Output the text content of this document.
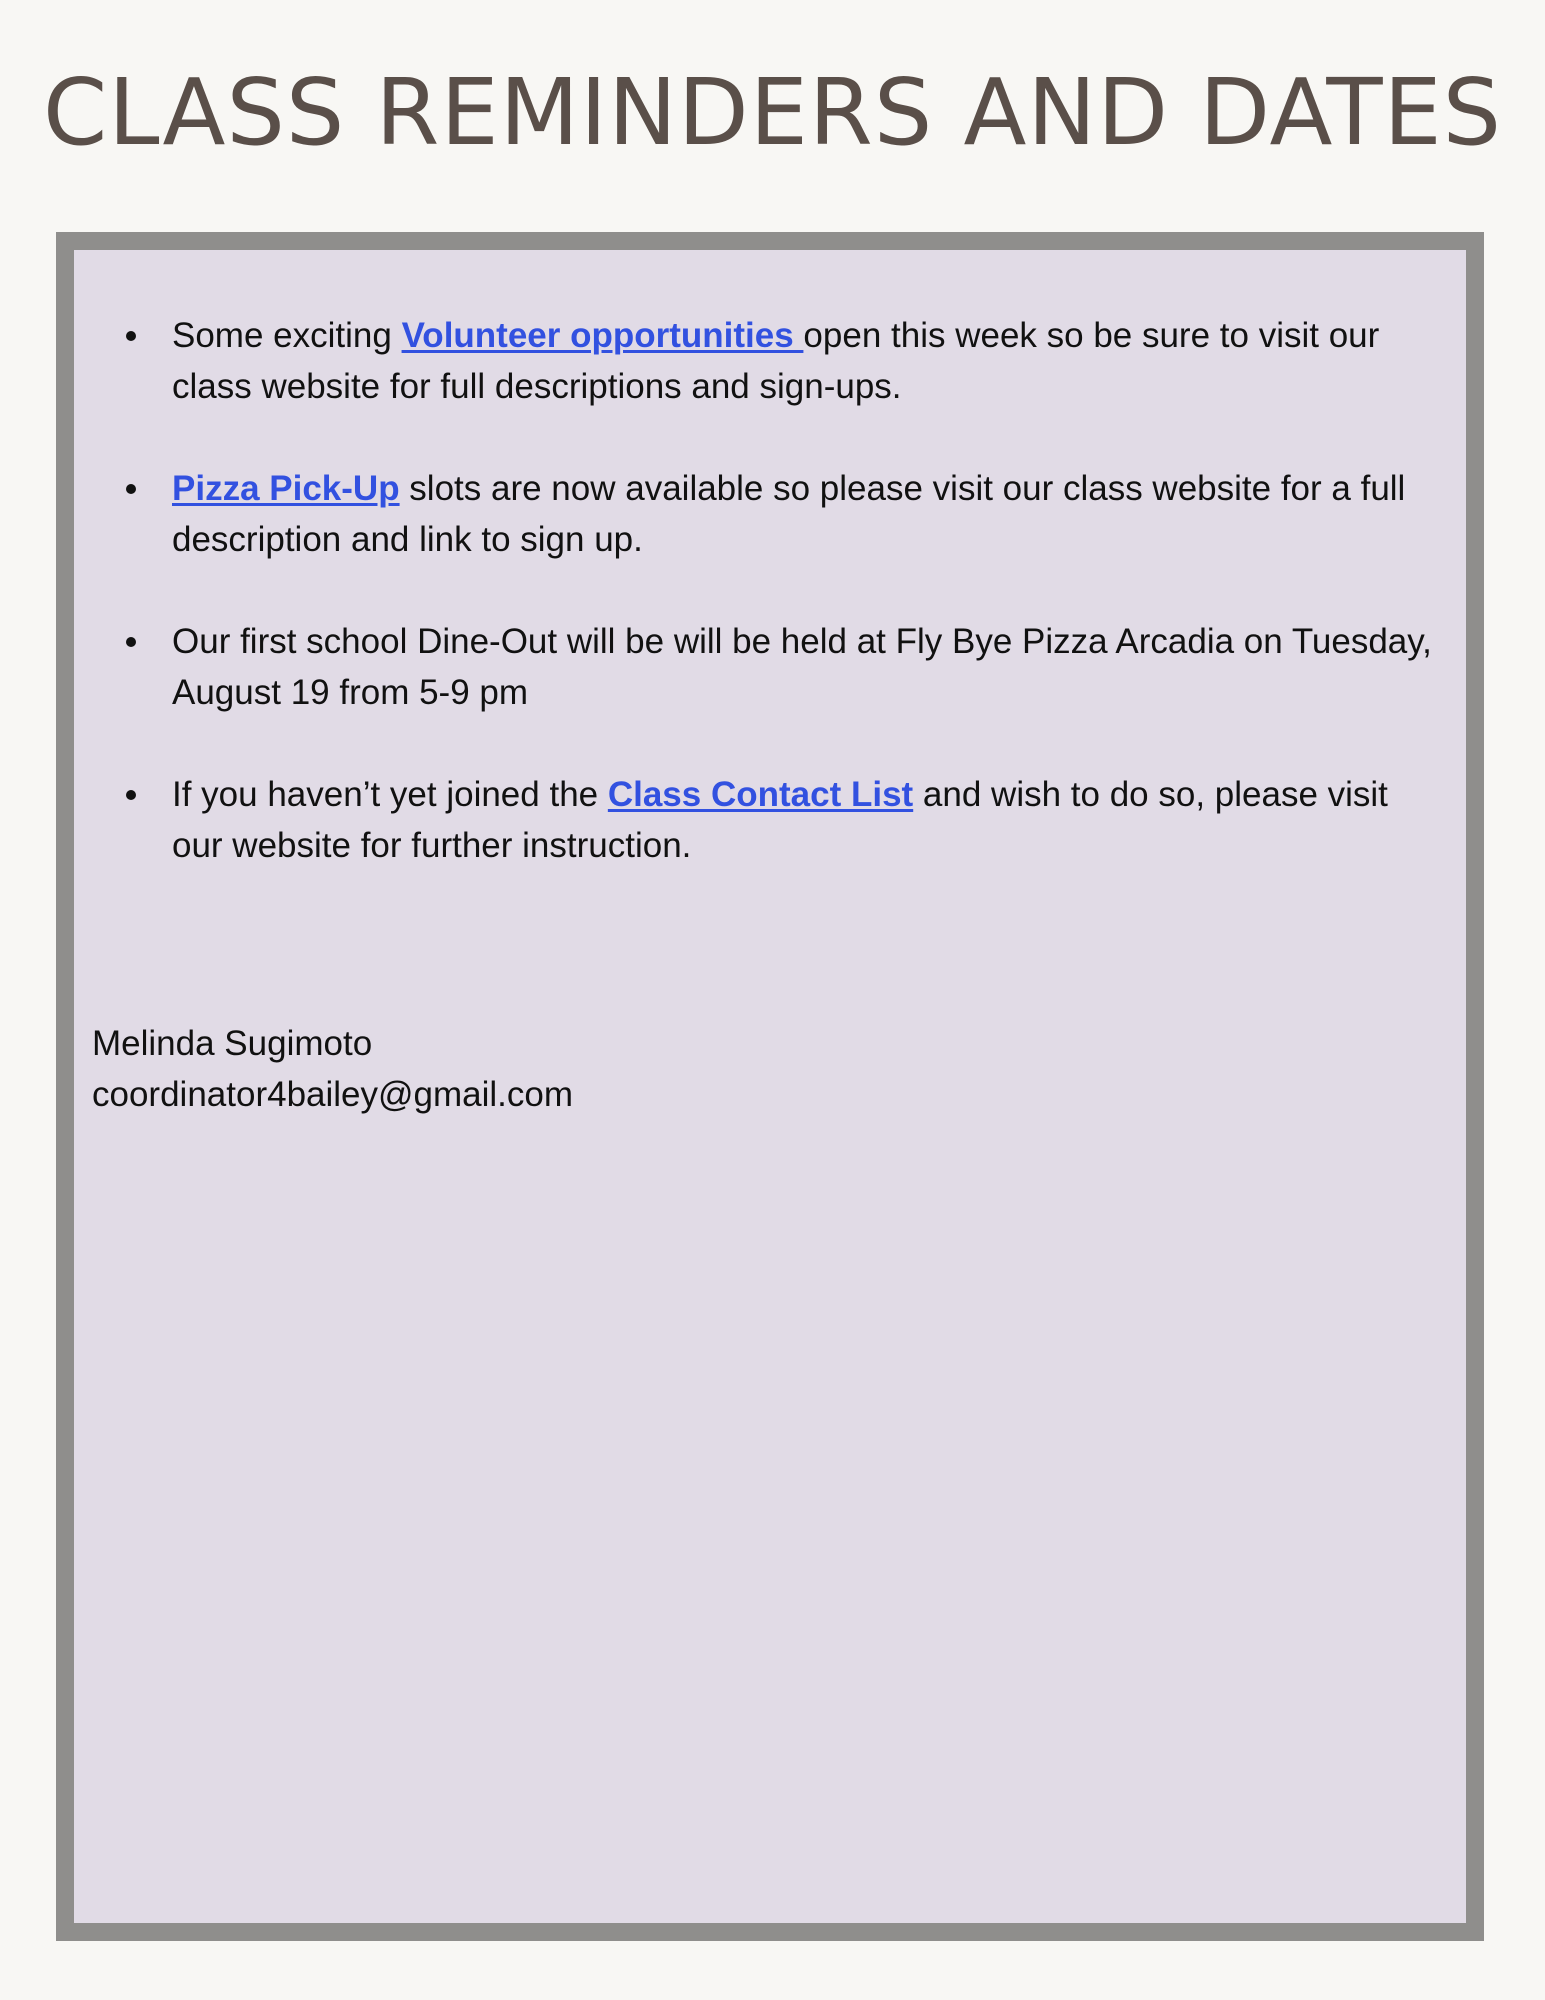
CLASS REMINDERS AND DATES
Some exciting Volunteer opportunities open this week so be sure to visit our class website for full descriptions and sign-ups.
Pizza Pick-Up slots are now available so please visit our class website for a full description and link to sign up.
Our first school Dine-Out will be will be held at Fly Bye Pizza Arcadia on Tuesday, August 19 from 5-9 pm
If you haven’t yet joined the Class Contact List and wish to do so, please visit our website for further instruction.
Melinda Sugimoto
coordinator4bailey@gmail.com
